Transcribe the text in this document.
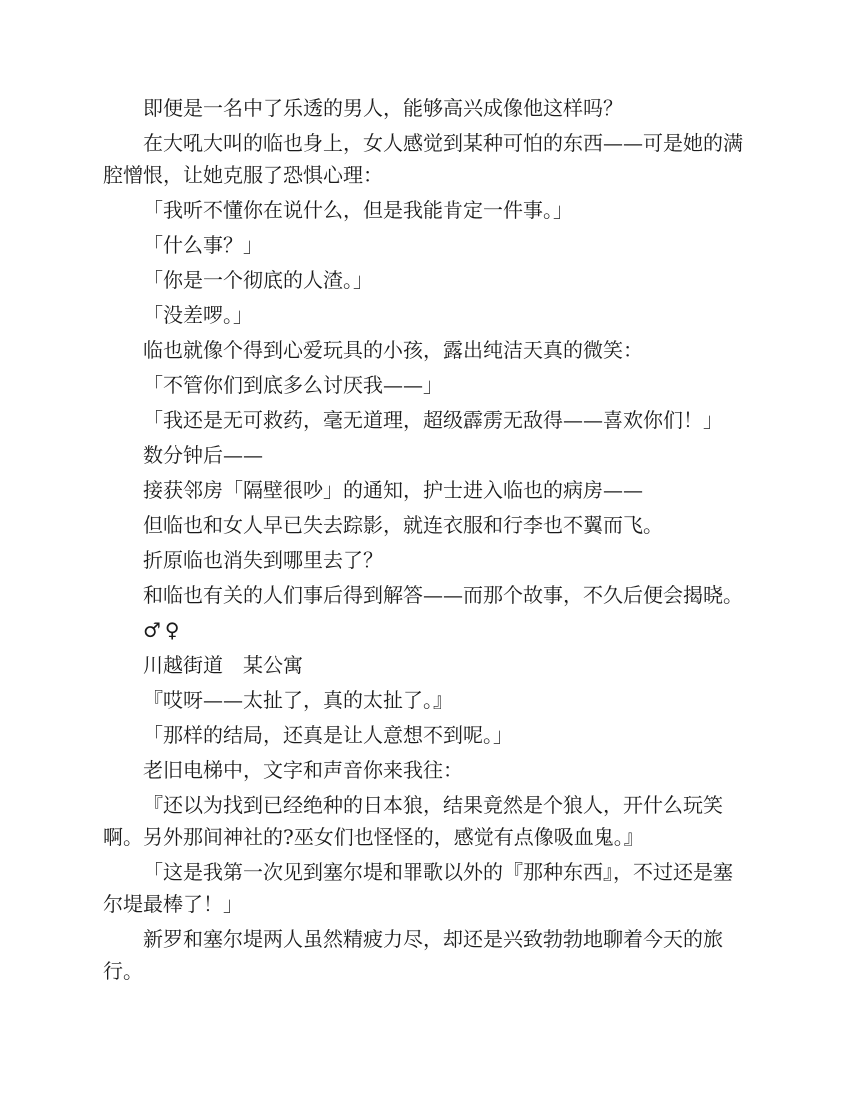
即便是一名中了乐透的男人，能够高兴成像他这样吗？

在大吼大叫的临也身上，女人感觉到某种可怕的东西——可是她的满腔憎恨，让她克服了恐惧心理：

「我听不懂你在说什么，但是我能肯定一件事。」

「什么事？」

「你是一个彻底的人渣。」

「没差啰。」

临也就像个得到心爱玩具的小孩，露出纯洁天真的微笑：

「不管你们到底多么讨厌我——」

「我还是无可救药，毫无道理，超级霹雳无敌得——喜欢你们！」

数分钟后——

接获邻房「隔壁很吵」的通知，护士进入临也的病房——

但临也和女人早已失去踪影，就连衣服和行李也不翼而飞。

折原临也消失到哪里去了？

和临也有关的人们事后得到解答——而那个故事，不久后便会揭晓。

♂♀

川越街道　某公寓

『哎呀——太扯了，真的太扯了。』

「那样的结局，还真是让人意想不到呢。」

老旧电梯中，文字和声音你来我往：

『还以为找到已经绝种的日本狼，结果竟然是个狼人，开什么玩笑啊。另外那间神社的?巫女们也怪怪的，感觉有点像吸血鬼。』

「这是我第一次见到塞尔堤和罪歌以外的『那种东西』，不过还是塞尔堤最棒了！」

新罗和塞尔堤两人虽然精疲力尽，却还是兴致勃勃地聊着今天的旅行。
